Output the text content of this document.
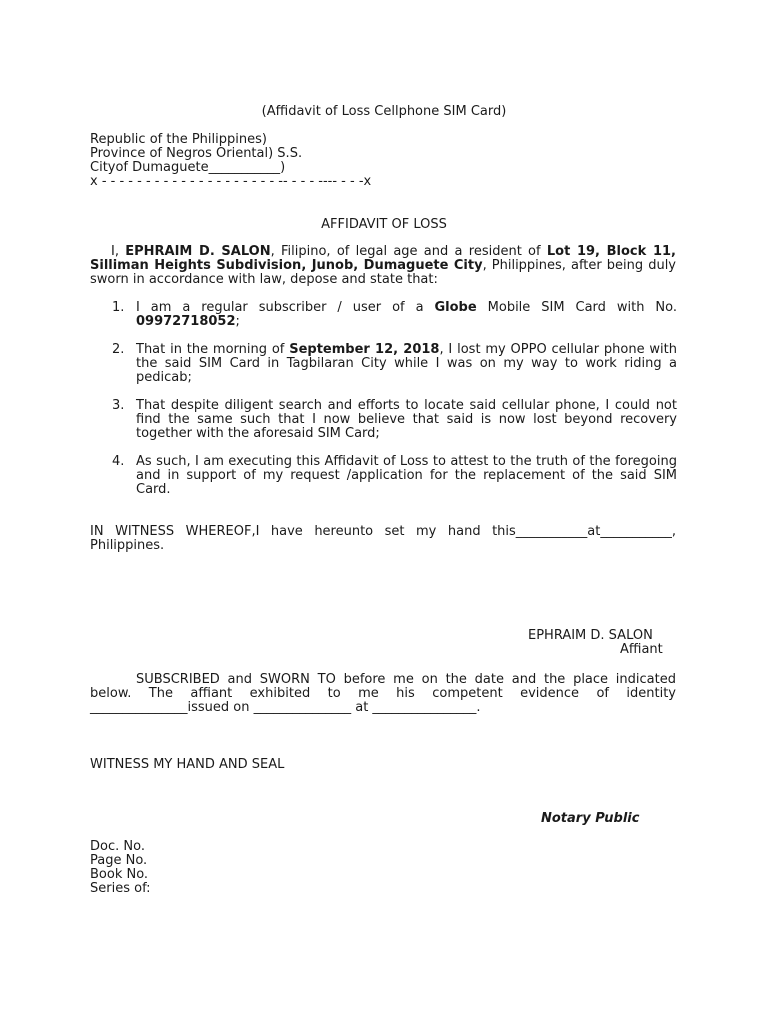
(Affidavit of Loss Cellphone SIM Card)
Republic of the Philippines)
Province of Negros Oriental) S.S.
Cityof Dumaguete___________)
x - - - - - - - - - - - - - - - - - - - - -- - - - ---- - - -x
AFFIDAVIT OF LOSS

I, EPHRAIM D. SALON, Filipino, of legal age and a resident of Lot 19, Block 11, Silliman Heights Subdivision, Junob, Dumaguete City, Philippines, after being duly sworn in accordance with law, depose and state that:

1. I am a regular subscriber / user of a Globe Mobile SIM Card with No. 09972718052;
2. That in the morning of September 12, 2018, I lost my OPPO cellular phone with the said SIM Card in Tagbilaran City while I was on my way to work riding a pedicab;
3. That despite diligent search and efforts to locate said cellular phone, I could not find the same such that I now believe that said is now lost beyond recovery together with the aforesaid SIM Card;
4. As such, I am executing this Affidavit of Loss to attest to the truth of the foregoing and in support of my request /application for the replacement of the said SIM Card.

IN WITNESS WHEREOF,I have hereunto set my hand this___________at___________, Philippines.

EPHRAIM D. SALON
Affiant

SUBSCRIBED and SWORN TO before me on the date and the place indicated below. The affiant exhibited to me his competent evidence of identity _______________issued on _______________ at ________________.

WITNESS MY HAND AND SEAL
Notary Public
Doc. No.
Page No.
Book No.
Series of:
